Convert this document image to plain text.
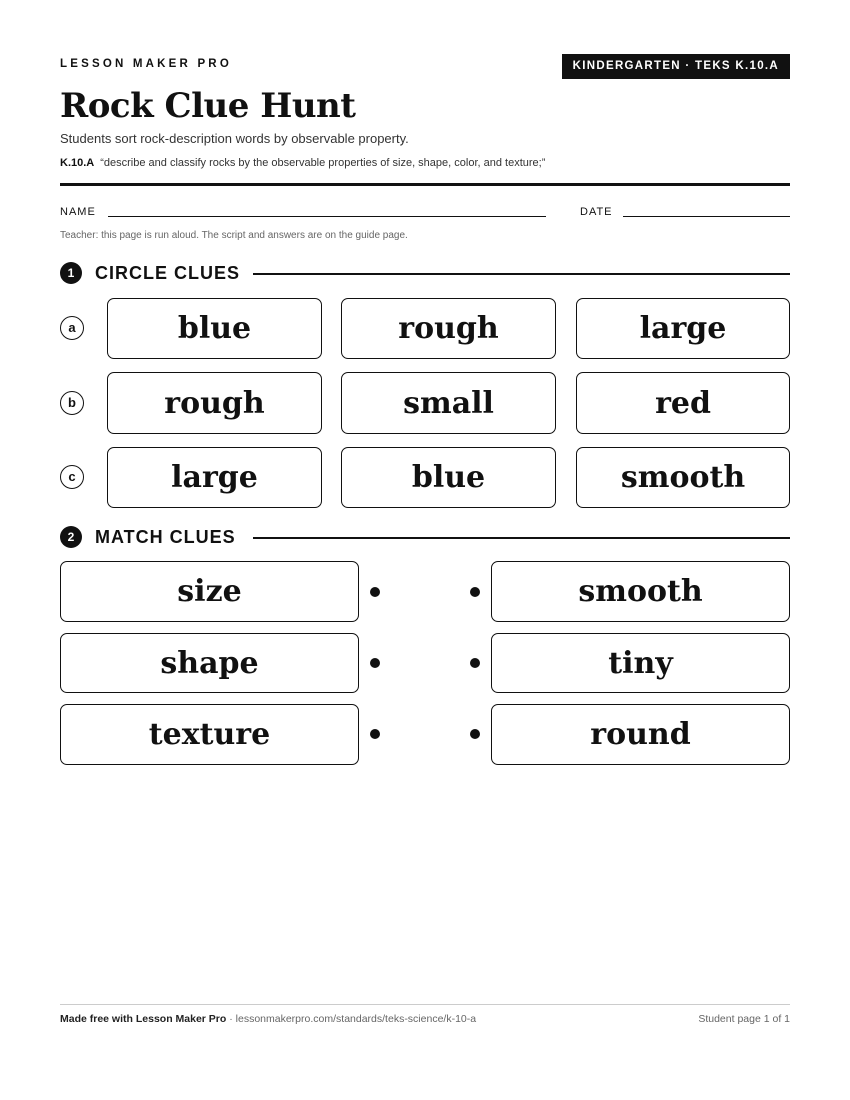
LESSON MAKER PRO	KINDERGARTEN · TEKS K.10.A
Rock Clue Hunt
Students sort rock-description words by observable property.
K.10.A “describe and classify rocks by the observable properties of size, shape, color, and texture;”
NAME	DATE
Teacher: this page is run aloud. The script and answers are on the guide page.
1	CIRCLE CLUES
a	blue	rough	large
b	rough	small	red
c	large	blue	smooth
2	MATCH CLUES
size	smooth
shape	tiny
texture	round
Made free with Lesson Maker Pro · lessonmakerpro.com/standards/teks-science/k-10-a	Student page 1 of 1
